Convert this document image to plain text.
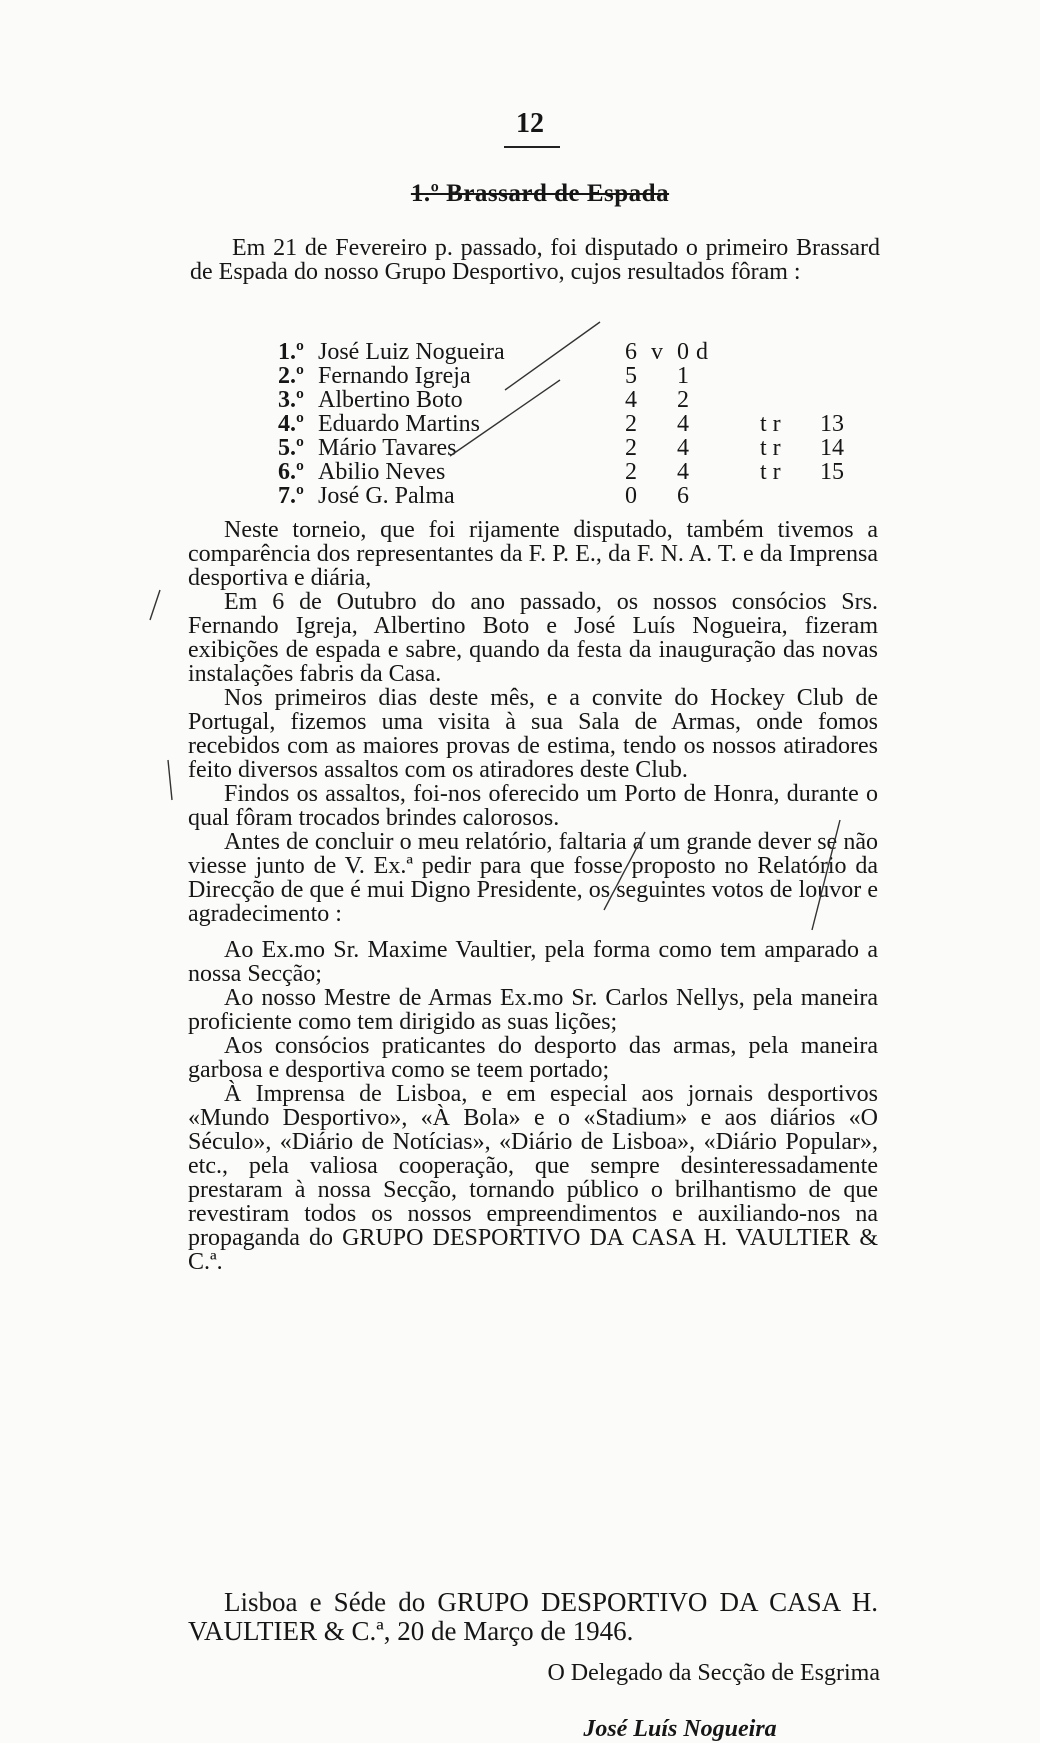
12
1.º Brassard de Espada

Em 21 de Fevereiro p. passado, foi disputado o primeiro Brassard de Espada do nosso Grupo Desportivo, cujos resultados fôram :

1.º	José Luiz Nogueira	6	v	0	d		
2.º	Fernando Igreja	5		1			
3.º	Albertino Boto	4		2			
4.º	Eduardo Martins	2		4		t r	13
5.º	Mário Tavares	2		4		t r	14
6.º	Abilio Neves	2		4		t r	15
7.º	José G. Palma	0		6			

Neste torneio, que foi rijamente disputado, também tivemos a comparência dos representantes da F. P. E., da F. N. A. T. e da Imprensa desportiva e diária,

Em 6 de Outubro do ano passado, os nossos consócios Srs. Fernando Igreja, Albertino Boto e José Luís Nogueira, fizeram exibições de espada e sabre, quando da festa da inauguração das novas instalações fabris da Casa.

Nos primeiros dias deste mês, e a convite do Hockey Club de Portugal, fizemos uma visita à sua Sala de Armas, onde fomos recebidos com as maiores provas de estima, tendo os nossos atiradores feito diversos assaltos com os atiradores deste Club.

Findos os assaltos, foi-nos oferecido um Porto de Honra, durante o qual fôram trocados brindes calorosos.

Antes de concluir o meu relatório, faltaria a um grande dever se não viesse junto de V. Ex.ª pedir para que fosse proposto no Relatório da Direcção de que é mui Digno Presidente, os seguintes votos de louvor e agradecimento :

Ao Ex.mo Sr. Maxime Vaultier, pela forma como tem amparado a nossa Secção;

Ao nosso Mestre de Armas Ex.mo Sr. Carlos Nellys, pela maneira proficiente como tem dirigido as suas lições;

Aos consócios praticantes do desporto das armas, pela maneira garbosa e desportiva como se teem portado;

À Imprensa de Lisboa, e em especial aos jornais desportivos «Mundo Desportivo», «À Bola» e o «Stadium» e aos diários «O Século», «Diário de Notícias», «Diário de Lisboa», «Diário Popular», etc., pela valiosa cooperação, que sempre desinteressadamente prestaram à nossa Secção, tornando público o brilhantismo de que revestiram todos os nossos empreendimentos e auxiliando-nos na propaganda do GRUPO DESPORTIVO DA CASA H. VAULTIER & C.ª.

Lisboa e Séde do GRUPO DESPORTIVO DA CASA H. VAULTIER & C.ª, 20 de Março de 1946.

O Delegado da Secção de Esgrima
José Luís Nogueira
